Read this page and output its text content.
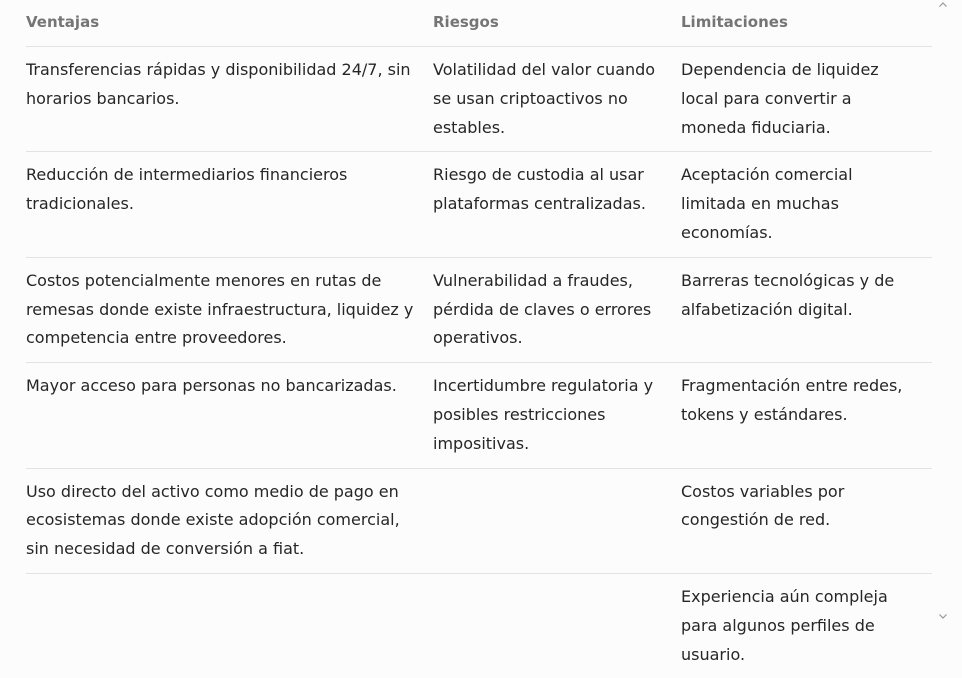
Ventajas	Riesgos	Limitaciones

Transferencias rápidas y disponibilidad 24/7, sin horarios bancarios.	Volatilidad del valor cuando se usan criptoactivos no estables.	Dependencia de liquidez local para convertir a moneda fiduciaria.

Reducción de intermediarios financieros tradicionales.	Riesgo de custodia al usar plataformas centralizadas.	Aceptación comercial limitada en muchas economías.

Costos potencialmente menores en rutas de remesas donde existe infraestructura, liquidez y competencia entre proveedores.	Vulnerabilidad a fraudes, pérdida de claves o errores operativos.	Barreras tecnológicas y de alfabetización digital.

Mayor acceso para personas no bancarizadas.	Incertidumbre regulatoria y posibles restricciones impositivas.	Fragmentación entre redes, tokens y estándares.

Uso directo del activo como medio de pago en ecosistemas donde existe adopción comercial, sin necesidad de conversión a fiat.		Costos variables por congestión de red.

		Experiencia aún compleja para algunos perfiles de usuario.
